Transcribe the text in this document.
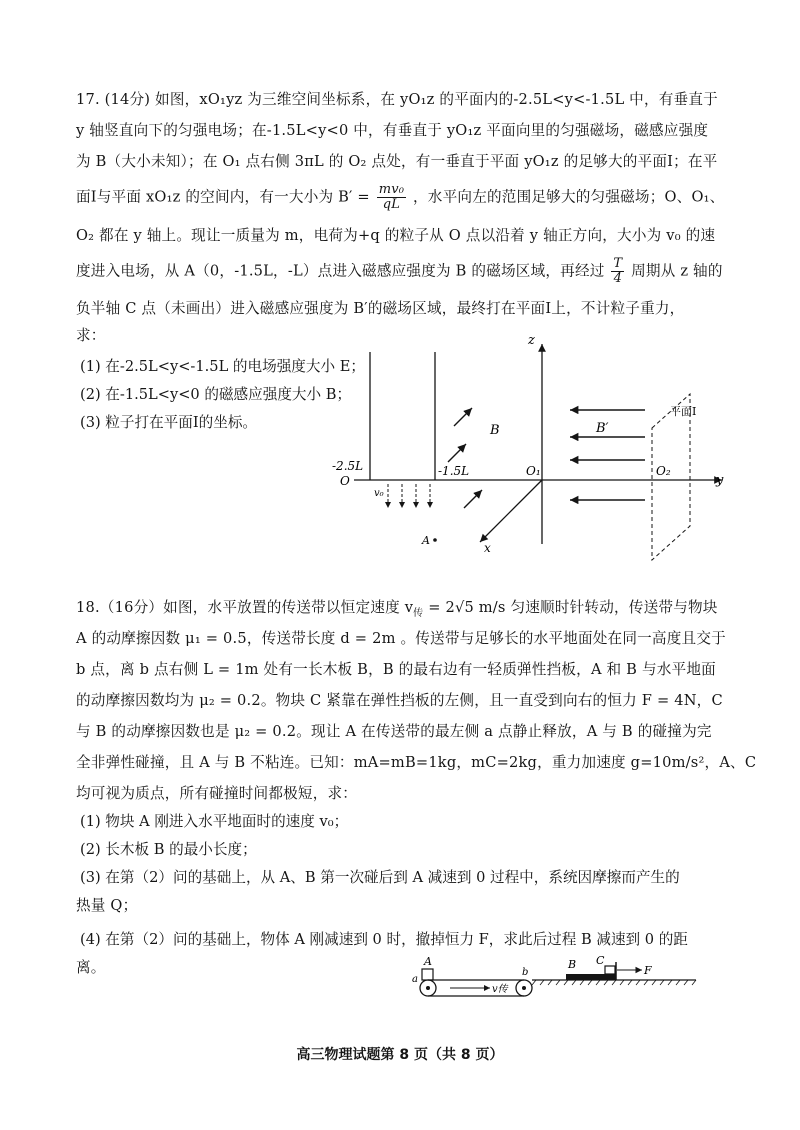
17. (14分) 如图，xO₁yz 为三维空间坐标系，在 yO₁z 的平面内的-2.5L<y<-1.5L 中，有垂直于
y 轴竖直向下的匀强电场；在-1.5L<y<0 中，有垂直于 yO₁z 平面向里的匀强磁场，磁感应强度
为 B（大小未知）；在 O₁ 点右侧 3πL 的 O₂ 点处，有一垂直于平面 yO₁z 的足够大的平面Ⅰ；在平
面Ⅰ与平面 xO₁z 的空间内，有一大小为 $B' = \frac{\text{mv₀}}{qL}$ ，水平向左的范围足够大的匀强磁场；O、O₁、
O₂ 都在 y 轴上。现让一质量为 m，电荷为+q 的粒子从 O 点以沿着 y 轴正方向，大小为 v₀ 的速
度进入电场，从 A（0，-1.5L，-L）点进入磁感应强度为 B 的磁场区域，再经过 $\frac{T}{4}$ 周期从 z 轴的
负半轴 C 点（未画出）进入磁感应强度为 B′的磁场区域，最终打在平面Ⅰ上，不计粒子重力，
求：
(1) 在-2.5L<y<-1.5L 的电场强度大小 E；
(2) 在-1.5L<y<0 的磁感应强度大小 B；
(3) 粒子打在平面Ⅰ的坐标。
z
y
x
-2.5L
O
-1.5L	O₁	O₂
v₀
A
B	B′
平面Ⅰ
18.（16分）如图，水平放置的传送带以恒定速度 $v_传 = 2√5$ m/s 匀速顺时针转动，传送带与物块
A 的动摩擦因数 μ₁ = 0.5，传送带长度 d = 2m 。传送带与足够长的水平地面处在同一高度且交于
b 点，离 b 点右侧 L = 1m 处有一长木板 B，B 的最右边有一轻质弹性挡板，A 和 B 与水平地面
的动摩擦因数均为 μ₂ = 0.2。物块 C 紧靠在弹性挡板的左侧，且一直受到向右的恒力 F = 4N，C
与 B 的动摩擦因数也是 μ₂ = 0.2。现让 A 在传送带的最左侧 a 点静止释放，A 与 B 的碰撞为完
全非弹性碰撞，且 A 与 B 不粘连。已知：mA=mB=1kg，mC=2kg，重力加速度 g=10m/s²，A、C
均可视为质点，所有碰撞时间都极短，求：
(1) 物块 A 刚进入水平地面时的速度 v₀；
(2) 长木板 B 的最小长度；
(3) 在第（2）问的基础上，从 A、B 第一次碰后到 A 减速到 0 过程中，系统因摩擦而产生的
热量 Q；
(4) 在第（2）问的基础上，物体 A 刚减速到 0 时，撤掉恒力 F，求此后过程 B 减速到 0 的距
离。
v传
A
a
b
B C
F
高三物理试题第 8 页（共 8 页）
